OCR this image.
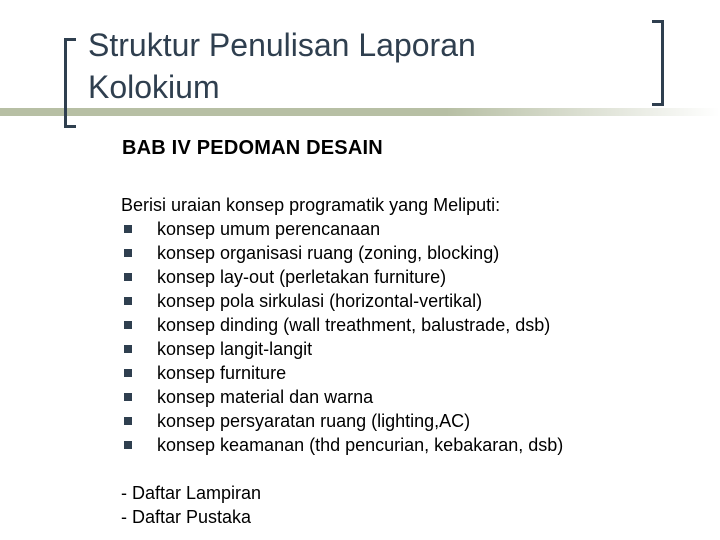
Struktur Penulisan Laporan
Kolokium
BAB IV PEDOMAN DESAIN

Berisi uraian konsep programatik yang Meliputi:

konsep umum perencanaan
konsep organisasi ruang (zoning, blocking)
konsep lay-out (perletakan furniture)
konsep pola sirkulasi (horizontal-vertikal)
konsep dinding (wall treathment, balustrade, dsb)
konsep langit-langit
konsep furniture
konsep material dan warna
konsep persyaratan ruang (lighting,AC)
konsep keamanan (thd pencurian, kebakaran, dsb)

- Daftar Lampiran

- Daftar Pustaka
